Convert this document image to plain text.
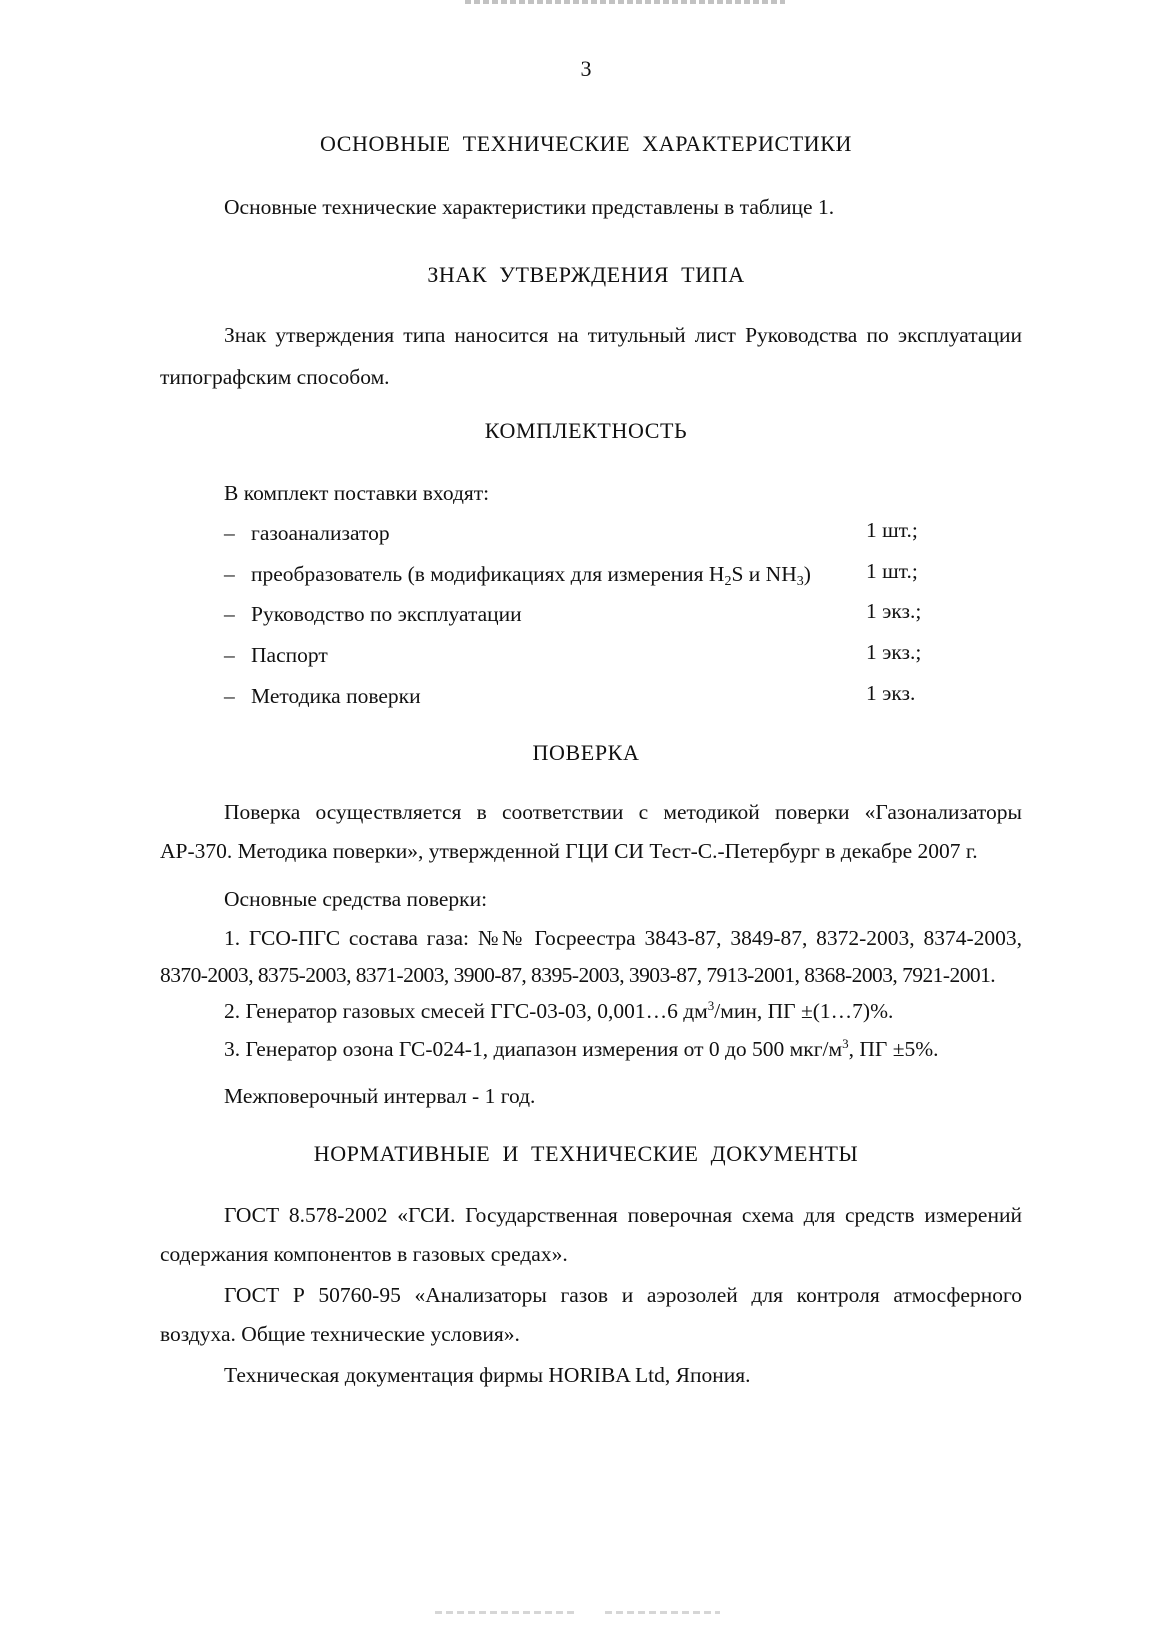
3
ОСНОВНЫЕ ТЕХНИЧЕСКИЕ ХАРАКТЕРИСТИКИ
Основные технические характеристики представлены в таблице 1.
ЗНАК УТВЕРЖДЕНИЯ ТИПА
Знак утверждения типа наносится на титульный лист Руководства по эксплуатации
типографским способом.
КОМПЛЕКТНОСТЬ
В комплект поставки входят:
– газоанализатор	1 шт.;
– преобразователь (в модификациях для измерения $H_2S$ и $NH_3$)	1 шт.;
– Руководство по эксплуатации	1 экз.;
– Паспорт	1 экз.;
– Методика поверки	1 экз.
ПОВЕРКА
Поверка осуществляется в соответствии с методикой поверки «Газонализаторы
АР-370. Методика поверки», утвержденной ГЦИ СИ Тест-С.-Петербург в декабре 2007 г.
Основные средства поверки:
1. ГСО-ПГС состава газа: №№ Госреестра 3843-87, 3849-87, 8372-2003, 8374-2003,
8370-2003, 8375-2003, 8371-2003, 3900-87, 8395-2003, 3903-87, 7913-2001, 8368-2003, 7921-2001.
2. Генератор газовых смесей ГГС-03-03, 0,001…6 $дм^3$/мин, ПГ ±(1…7)%.
3. Генератор озона ГС-024-1, диапазон измерения от 0 до 500 мкг/$м^3$, ПГ ±5%.
Межповерочный интервал - 1 год.
НОРМАТИВНЫЕ И ТЕХНИЧЕСКИЕ ДОКУМЕНТЫ
ГОСТ 8.578-2002 «ГСИ. Государственная поверочная схема для средств измерений
содержания компонентов в газовых средах».
ГОСТ Р 50760-95 «Анализаторы газов и аэрозолей для контроля атмосферного
воздуха. Общие технические условия».
Техническая документация фирмы HORIBA Ltd, Япония.
